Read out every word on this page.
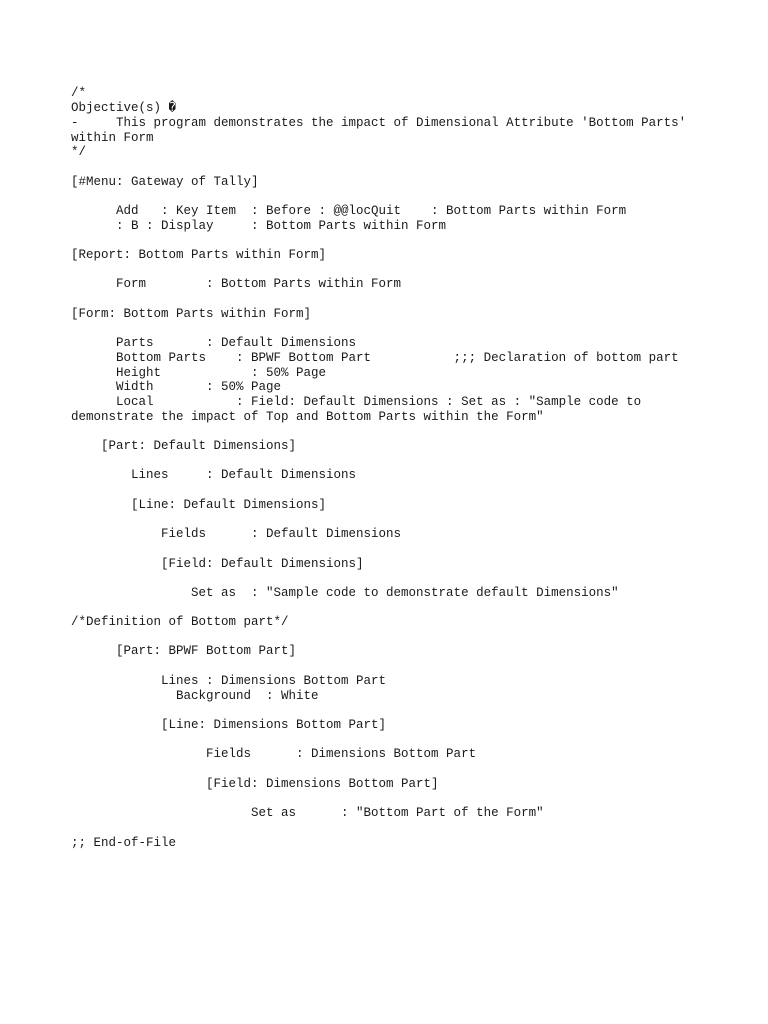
/*
Objective(s) �
-     This program demonstrates the impact of Dimensional Attribute 'Bottom Parts'
within Form
*/
[#Menu: Gateway of Tally]
Add   : Key Item  : Before : @@locQuit    : Bottom Parts within Form
: B : Display     : Bottom Parts within Form
[Report: Bottom Parts within Form]
Form        : Bottom Parts within Form
[Form: Bottom Parts within Form]
Parts       : Default Dimensions
Bottom Parts    : BPWF Bottom Part           ;;; Declaration of bottom part
Height            : 50% Page
Width       : 50% Page
Local           : Field: Default Dimensions : Set as : "Sample code to
demonstrate the impact of Top and Bottom Parts within the Form"
[Part: Default Dimensions]
Lines     : Default Dimensions
[Line: Default Dimensions]
Fields      : Default Dimensions
[Field: Default Dimensions]
Set as  : "Sample code to demonstrate default Dimensions"
/*Definition of Bottom part*/
[Part: BPWF Bottom Part]
Lines : Dimensions Bottom Part
Background  : White
[Line: Dimensions Bottom Part]
Fields      : Dimensions Bottom Part
[Field: Dimensions Bottom Part]
Set as      : "Bottom Part of the Form"
;; End-of-File
